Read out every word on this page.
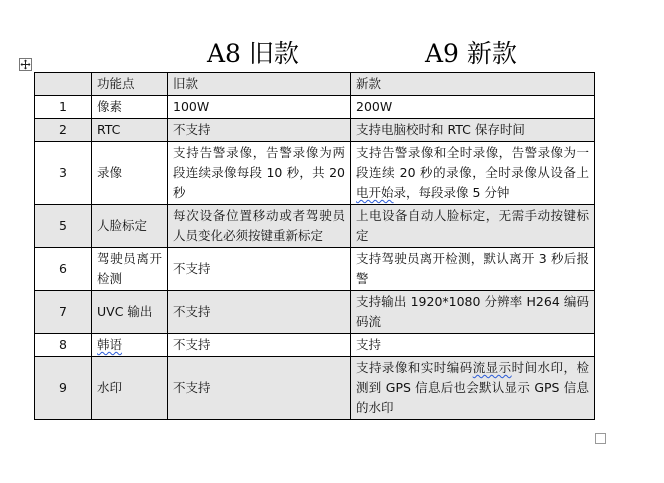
A8 旧款	A9 新款
	功能点	旧款	新款
1	像素	100W	200W
2	RTC	不支持	支持电脑校时和 RTC 保存时间
3	录像	支持告警录像，告警录像为两段连续录像每段 10 秒，共 20 秒	支持告警录像和全时录像，告警录像为一段连续 20 秒的录像，全时录像从设备上电开始录，每段录像 5 分钟
5	人脸标定	每次设备位置移动或者驾驶员人员变化必须按键重新标定	上电设备自动人脸标定，无需手动按键标定
6	驾驶员离开检测	不支持	支持驾驶员离开检测，默认离开 3 秒后报警
7	UVC 输出	不支持	支持输出 1920*1080 分辨率 H264 编码码流
8	韩语	不支持	支持
9	水印	不支持	支持录像和实时编码流显示时间水印，检测到 GPS 信息后也会默认显示 GPS 信息的水印
